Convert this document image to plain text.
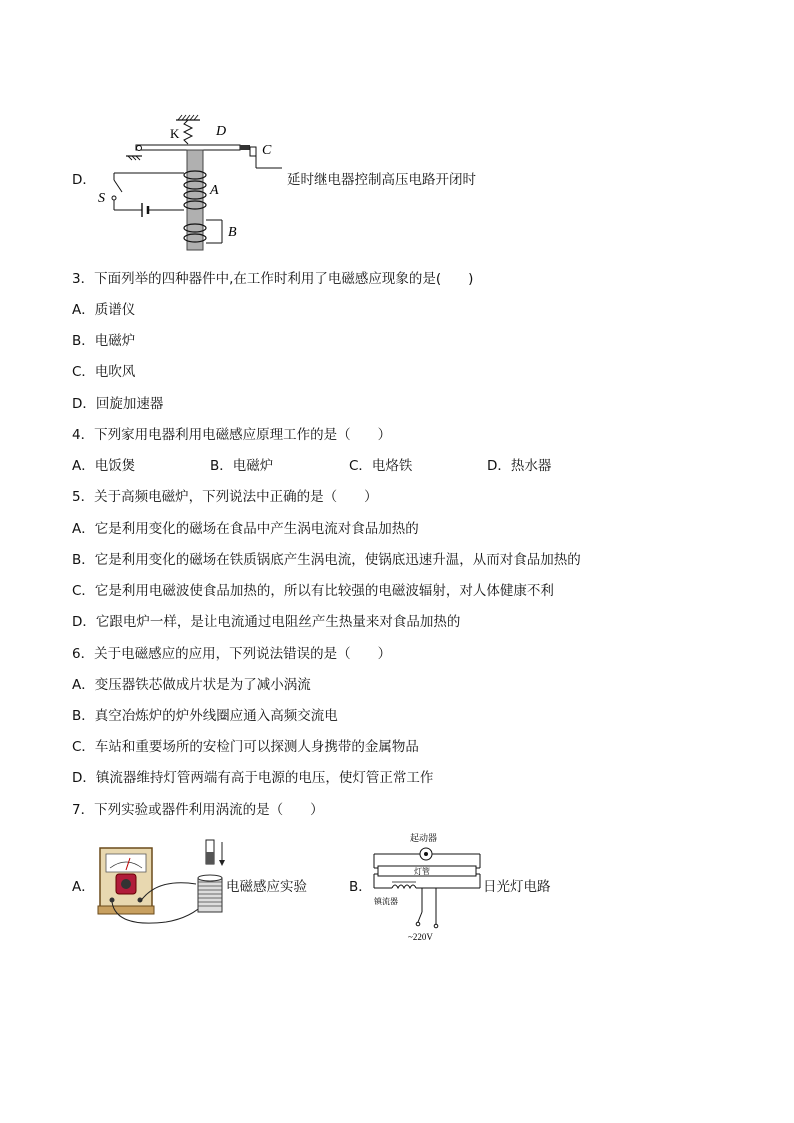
D．
K	D
C
A
B
S
延时继电器控制高压电路开闭时
3．下面列举的四种器件中,在工作时利用了电磁感应现象的是(　　)
A．质谱仪
B．电磁炉
C．电吹风
D．回旋加速器
4．下列家用电器利用电磁感应原理工作的是（　　）
A．电饭煲	B．电磁炉	C．电烙铁	D．热水器
5．关于高频电磁炉，下列说法中正确的是（　　）
A．它是利用变化的磁场在食品中产生涡电流对食品加热的
B．它是利用变化的磁场在铁质锅底产生涡电流，使锅底迅速升温，从而对食品加热的
C．它是利用电磁波使食品加热的，所以有比较强的电磁波辐射，对人体健康不利
D．它跟电炉一样，是让电流通过电阻丝产生热量来对食品加热的
6．关于电磁感应的应用，下列说法错误的是（　　）
A．变压器铁芯做成片状是为了减小涡流
B．真空冶炼炉的炉外线圈应通入高频交流电
C．车站和重要场所的安检门可以探测人身携带的金属物品
D．镇流器维持灯管两端有高于电源的电压，使灯管正常工作
7．下列实验或器件利用涡流的是（　　）
A．	电磁感应实验	B．
起动器
灯管
镇流器
~220V
日光灯电路
